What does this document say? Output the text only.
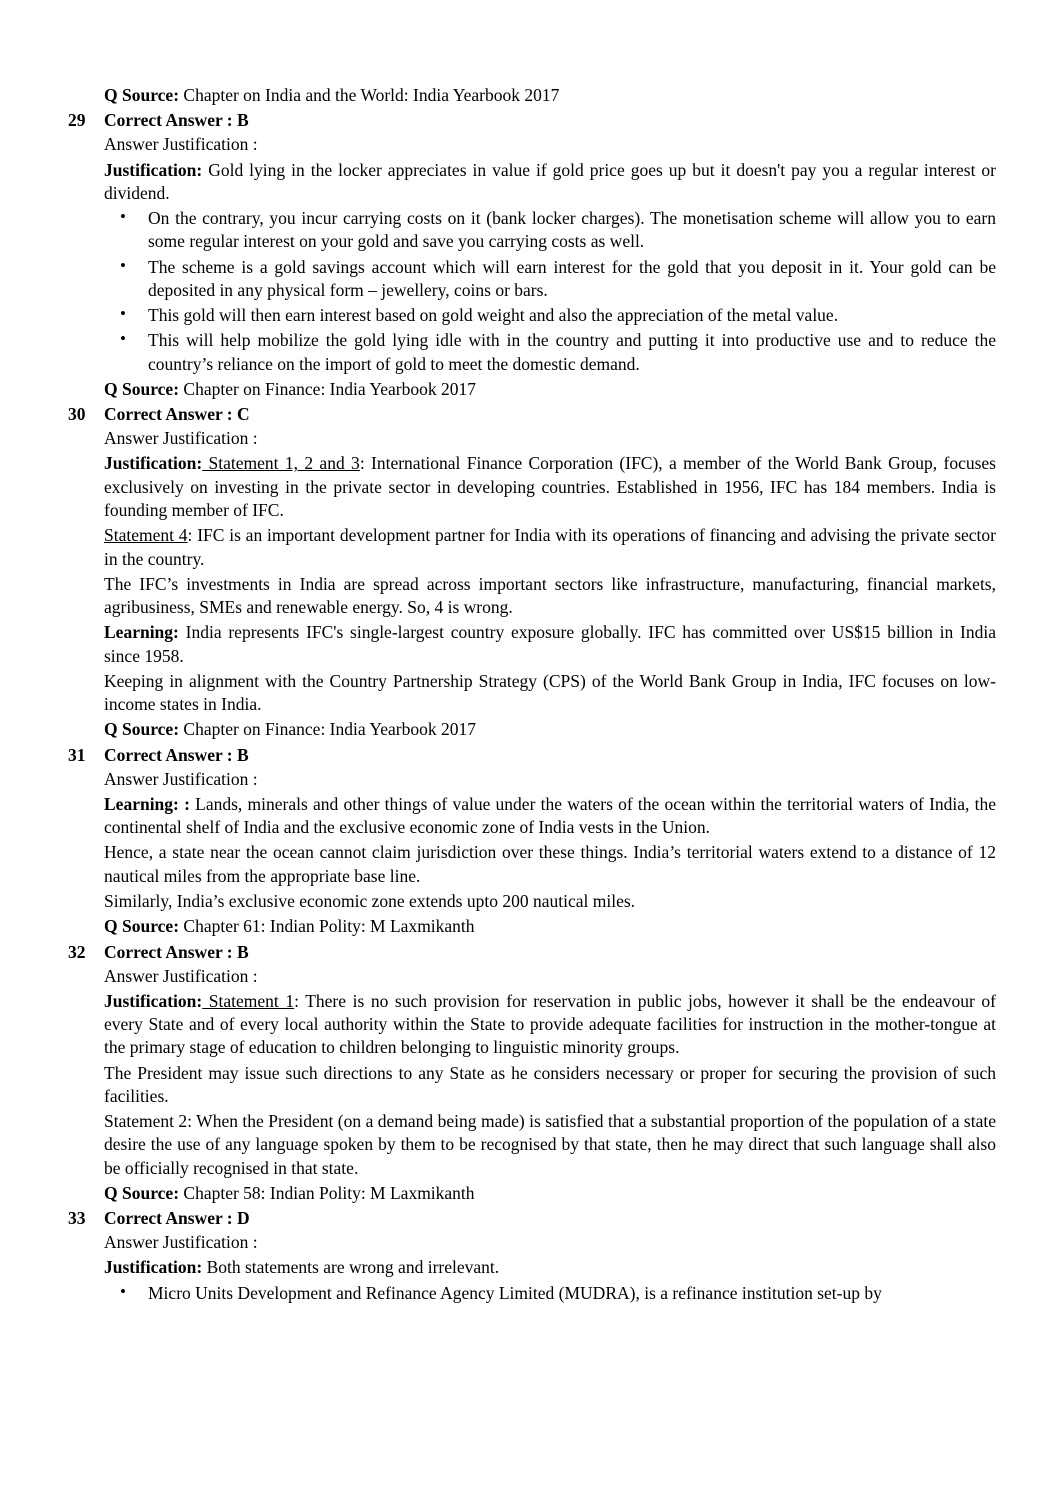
Q Source: Chapter on India and the World: India Yearbook 2017

29	Correct Answer : B

Answer Justification :

Justification: Gold lying in the locker appreciates in value if gold price goes up but it doesn't pay you a regular interest or dividend.

• On the contrary, you incur carrying costs on it (bank locker charges). The monetisation scheme will allow you to earn some regular interest on your gold and save you carrying costs as well.
• The scheme is a gold savings account which will earn interest for the gold that you deposit in it. Your gold can be deposited in any physical form – jewellery, coins or bars.
• This gold will then earn interest based on gold weight and also the appreciation of the metal value.
• This will help mobilize the gold lying idle with in the country and putting it into productive use and to reduce the country’s reliance on the import of gold to meet the domestic demand.

Q Source: Chapter on Finance: India Yearbook 2017

30	Correct Answer : C

Answer Justification :

Justification: Statement 1, 2 and 3: International Finance Corporation (IFC), a member of the World Bank Group, focuses exclusively on investing in the private sector in developing countries. Established in 1956, IFC has 184 members. India is founding member of IFC.

Statement 4: IFC is an important development partner for India with its operations of financing and advising the private sector in the country.

The IFC’s investments in India are spread across important sectors like infrastructure, manufacturing, financial markets, agribusiness, SMEs and renewable energy. So, 4 is wrong.

Learning: India represents IFC's single-largest country exposure globally. IFC has committed over US$15 billion in India since 1958.

Keeping in alignment with the Country Partnership Strategy (CPS) of the World Bank Group in India, IFC focuses on low-income states in India.

Q Source: Chapter on Finance: India Yearbook 2017

31	Correct Answer : B

Answer Justification :

Learning: : Lands, minerals and other things of value under the waters of the ocean within the territorial waters of India, the continental shelf of India and the exclusive economic zone of India vests in the Union.

Hence, a state near the ocean cannot claim jurisdiction over these things. India’s territorial waters extend to a distance of 12 nautical miles from the appropriate base line.

Similarly, India’s exclusive economic zone extends upto 200 nautical miles.

Q Source: Chapter 61: Indian Polity: M Laxmikanth

32	Correct Answer : B

Answer Justification :

Justification: Statement 1: There is no such provision for reservation in public jobs, however it shall be the endeavour of every State and of every local authority within the State to provide adequate facilities for instruction in the mother-tongue at the primary stage of education to children belonging to linguistic minority groups.

The President may issue such directions to any State as he considers necessary or proper for securing the provision of such facilities.

Statement 2: When the President (on a demand being made) is satisfied that a substantial proportion of the population of a state desire the use of any language spoken by them to be recognised by that state, then he may direct that such language shall also be officially recognised in that state.

Q Source: Chapter 58: Indian Polity: M Laxmikanth

33	Correct Answer : D

Answer Justification :

Justification: Both statements are wrong and irrelevant.

• Micro Units Development and Refinance Agency Limited (MUDRA), is a refinance institution set-up by
